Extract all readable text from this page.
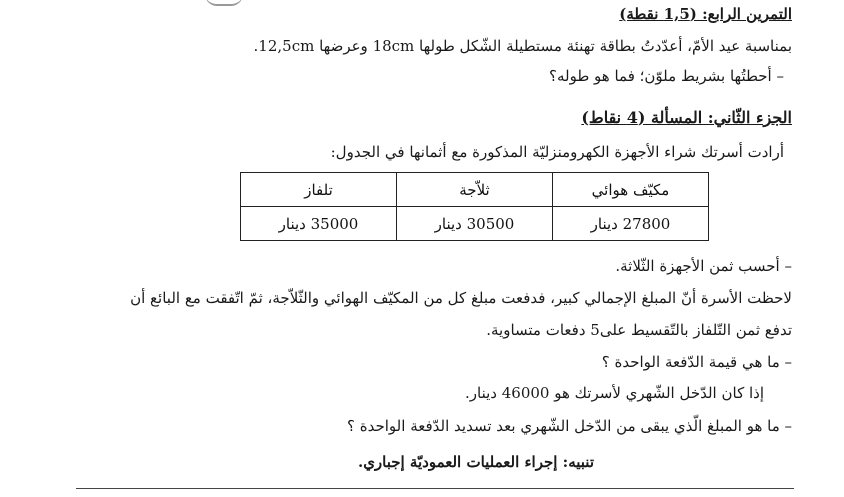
التمرين الرابع: (1,5 نقطة)
بمناسبة عيد الأمّ، أعدّدتُ بطاقة تهنئة مستطيلة الشّكل طولها 18cm وعرضها 12,5cm.
– أحطتُها بشريط ملوّن؛ فما هو طوله؟
الجزء الثّاني: المسألة (4 نقاط)
أرادت أسرتك شراء الأجهزة الكهرومنزليّة المذكورة مع أثمانها في الجدول:
مكيّف هوائي	ثلاّجة	تلفاز
27800 دينار	30500 دينار	35000 دينار
– أحسب ثمن الأجهزة الثّلاثة.
لاحظت الأسرة أنّ المبلغ الإجمالي كبير، فدفعت مبلغ كل من المكيّف الهوائي والثّلاّجة، ثمّ اتّفقت مع البائع أن
تدفع ثمن التّلفاز بالتّقسيط على5 دفعات متساوية.
– ما هي قيمة الدّفعة الواحدة ؟
إذا كان الدّخل الشّهري لأسرتك هو 46000 دينار.
– ما هو المبلغ الّذي يبقى من الدّخل الشّهري بعد تسديد الدّفعة الواحدة ؟
تنبيه: إجراء العمليات العموديّة إجباري.
